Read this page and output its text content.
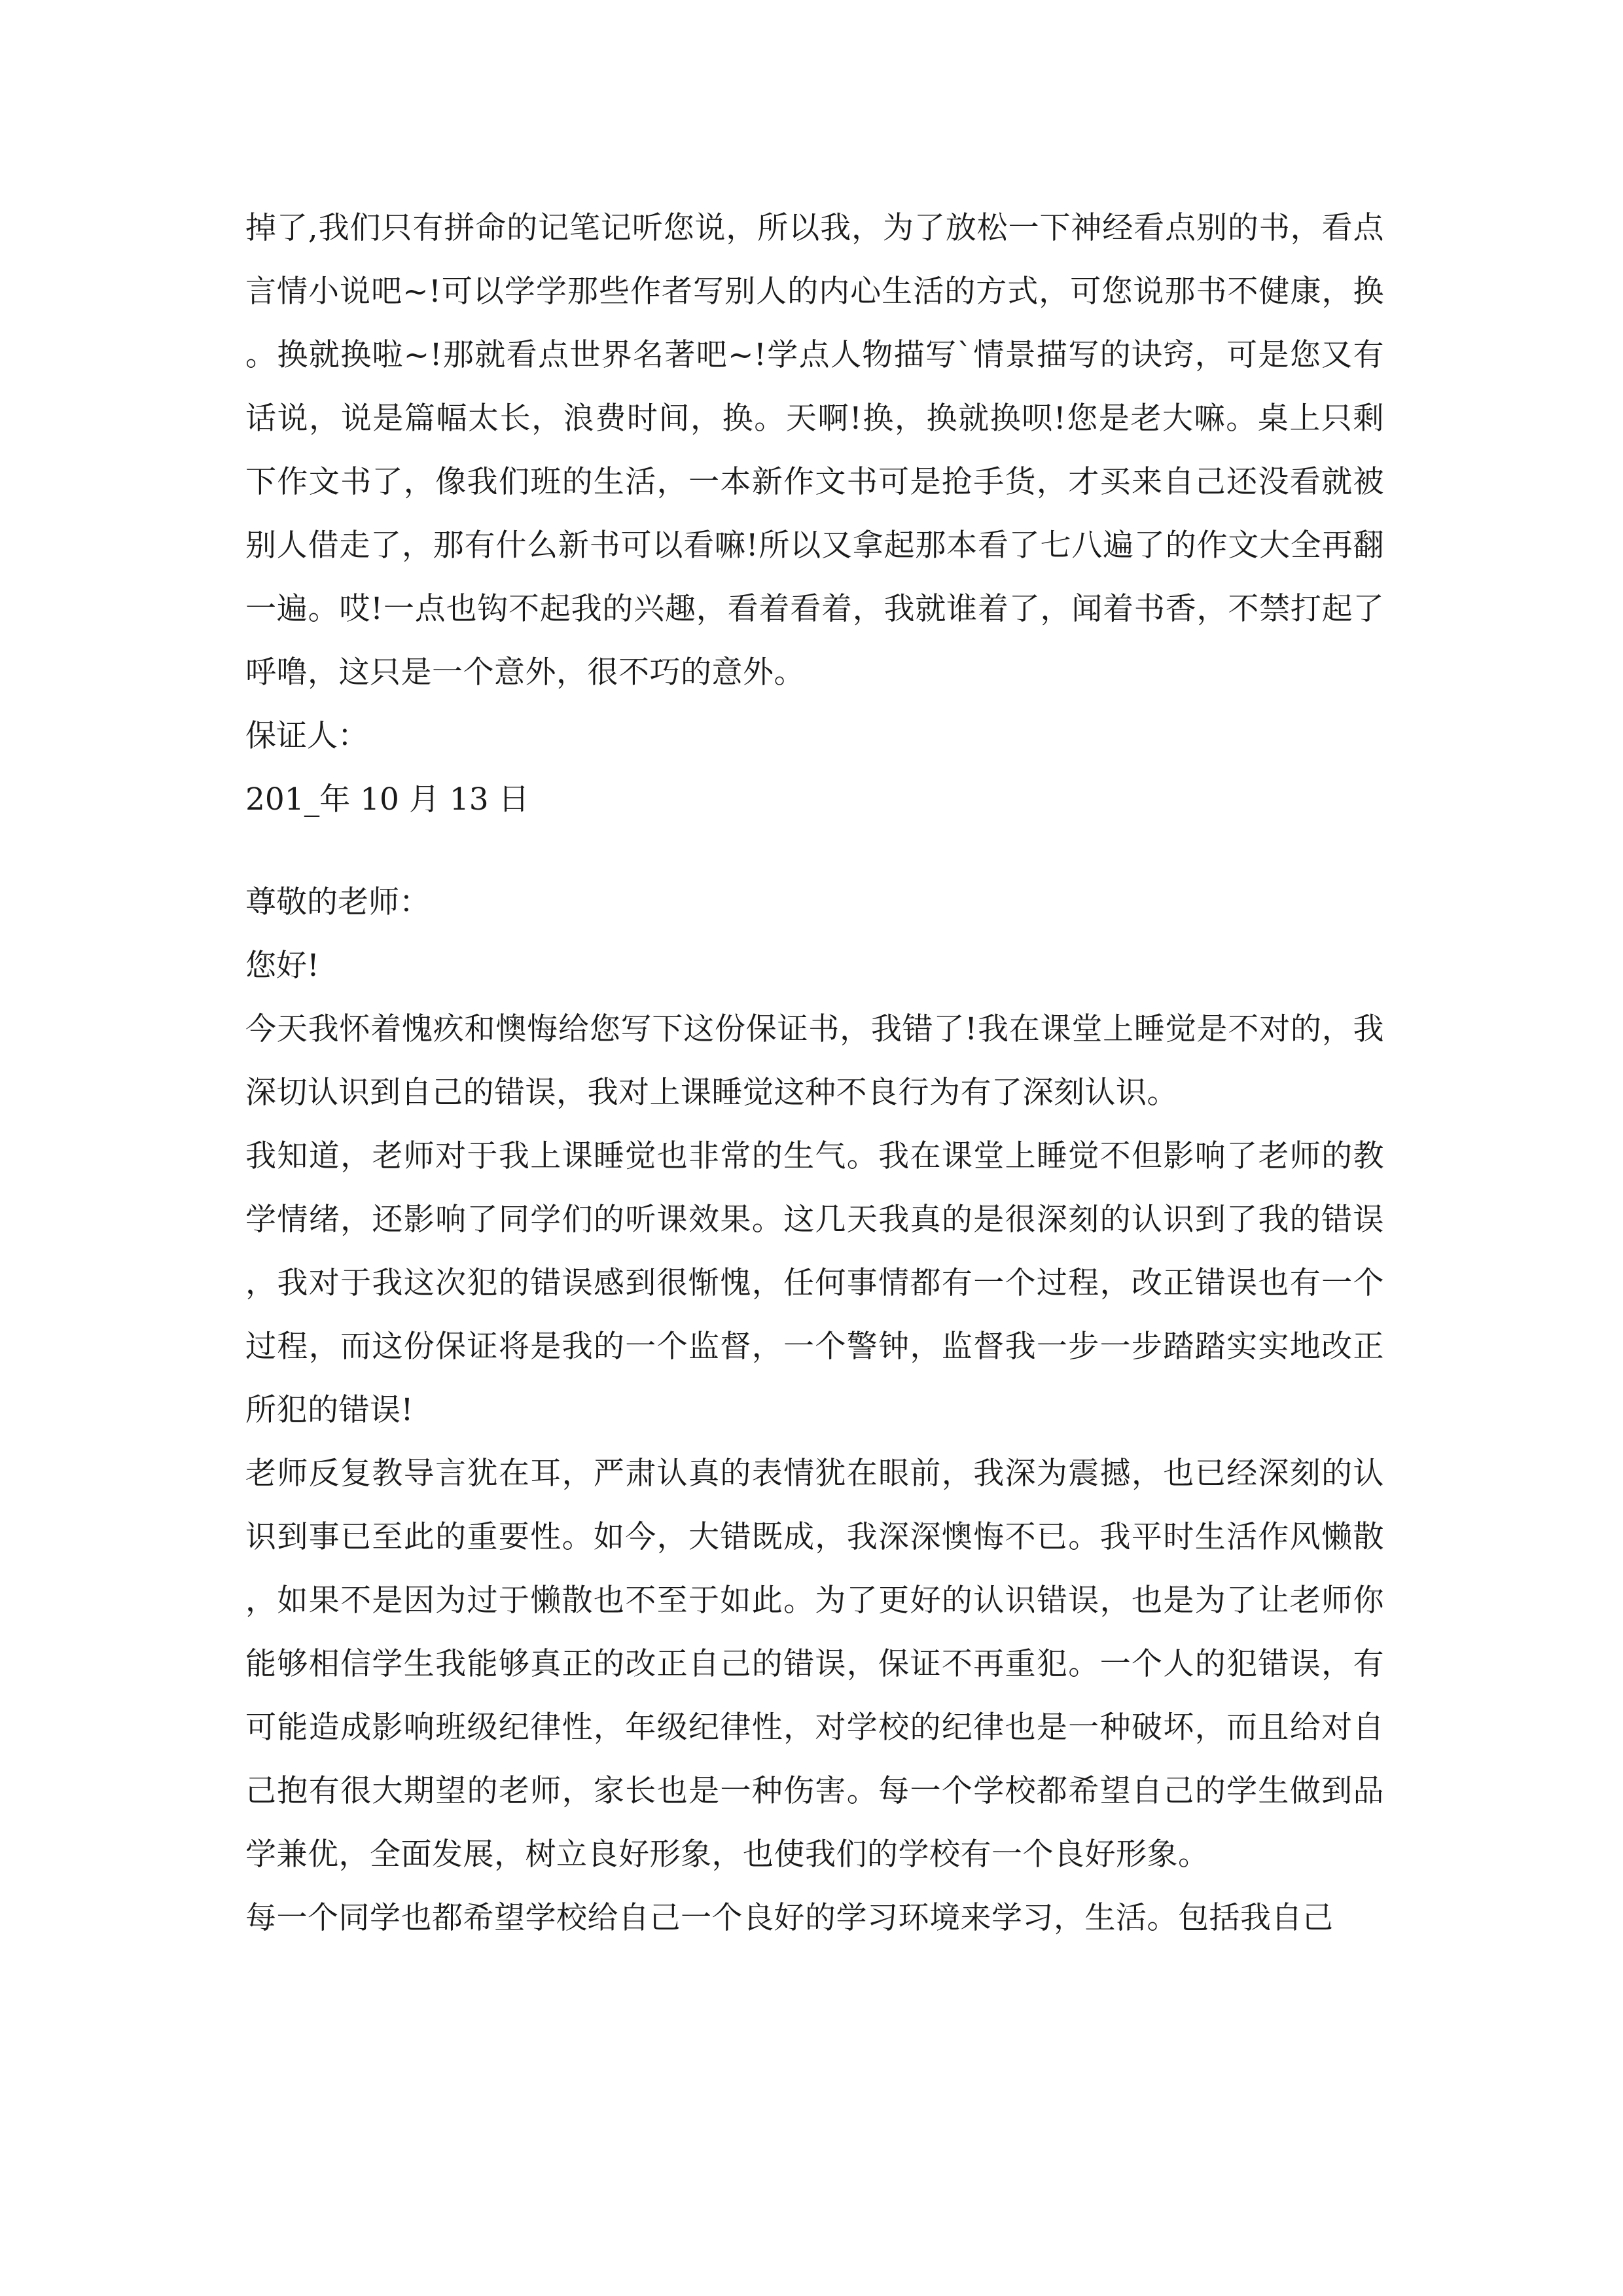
掉了,我们只有拼命的记笔记听您说，所以我，为了放松一下神经看点别的书，看点言情小说吧~!可以学学那些作者写别人的内心生活的方式，可您说那书不健康，换。换就换啦~!那就看点世界名著吧~!学点人物描写`情景描写的诀窍，可是您又有话说，说是篇幅太长，浪费时间，换。天啊!换，换就换呗!您是老大嘛。桌上只剩下作文书了，像我们班的生活，一本新作文书可是抢手货，才买来自己还没看就被别人借走了，那有什么新书可以看嘛!所以又拿起那本看了七八遍了的作文大全再翻一遍。哎!一点也钩不起我的兴趣，看着看着，我就谁着了，闻着书香，不禁打起了呼噜，这只是一个意外，很不巧的意外。

保证人：

201_年 10 月 13 日

尊敬的老师：

您好!

今天我怀着愧疚和懊悔给您写下这份保证书，我错了!我在课堂上睡觉是不对的，我深切认识到自己的错误，我对上课睡觉这种不良行为有了深刻认识。

我知道，老师对于我上课睡觉也非常的生气。我在课堂上睡觉不但影响了老师的教学情绪，还影响了同学们的听课效果。这几天我真的是很深刻的认识到了我的错误，我对于我这次犯的错误感到很惭愧，任何事情都有一个过程，改正错误也有一个过程，而这份保证将是我的一个监督，一个警钟，监督我一步一步踏踏实实地改正所犯的错误!

老师反复教导言犹在耳，严肃认真的表情犹在眼前，我深为震撼，也已经深刻的认识到事已至此的重要性。如今，大错既成，我深深懊悔不已。我平时生活作风懒散，如果不是因为过于懒散也不至于如此。为了更好的认识错误，也是为了让老师你能够相信学生我能够真正的改正自己的错误，保证不再重犯。一个人的犯错误，有可能造成影响班级纪律性，年级纪律性，对学校的纪律也是一种破坏，而且给对自己抱有很大期望的老师，家长也是一种伤害。每一个学校都希望自己的学生做到品学兼优，全面发展，树立良好形象，也使我们的学校有一个良好形象。

每一个同学也都希望学校给自己一个良好的学习环境来学习，生活。包括我自己
